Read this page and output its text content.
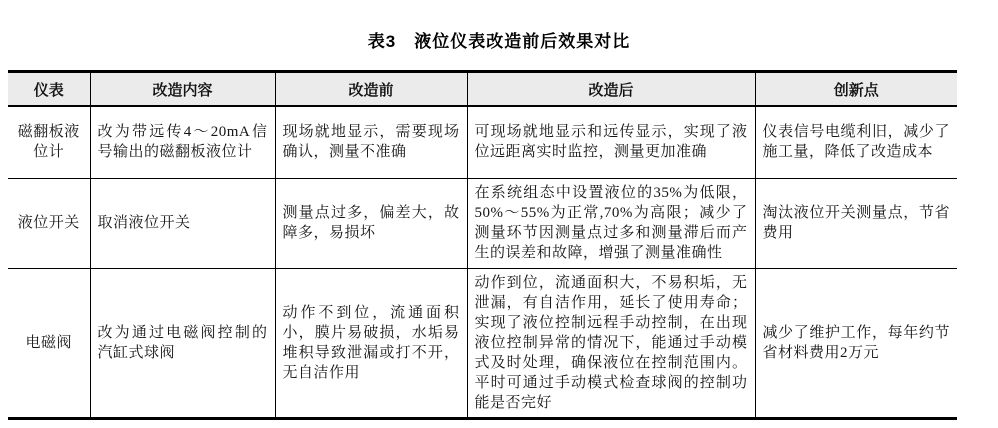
表3　液位仪表改造前后效果对比
仪表	改造内容	改造前	改造后	创新点
磁翻板液位计	改为带远传4～20mA信号输出的磁翻板液位计	现场就地显示，需要现场确认，测量不准确	可现场就地显示和远传显示，实现了液位远距离实时监控，测量更加准确	仪表信号电缆利旧，减少了施工量，降低了改造成本
液位开关	取消液位开关	测量点过多，偏差大，故障多，易损坏	在系统组态中设置液位的35%为低限，50%～55%为正常,70%为高限；减少了测量环节因测量点过多和测量滞后而产生的误差和故障，增强了测量准确性	淘汰液位开关测量点，节省费用
电磁阀	改为通过电磁阀控制的汽缸式球阀	动作不到位，流通面积小，膜片易破损，水垢易堆积导致泄漏或打不开，无自洁作用	动作到位，流通面积大，不易积垢，无泄漏，有自洁作用，延长了使用寿命；实现了液位控制远程手动控制，在出现液位控制异常的情况下，能通过手动模式及时处理，确保液位在控制范围内。平时可通过手动模式检查球阀的控制功能是否完好	减少了维护工作，每年约节省材料费用2万元
